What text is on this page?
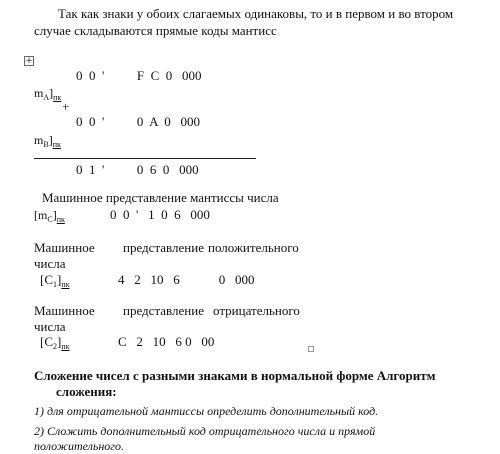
Так как знаки у обоих слагаемых одинаковы, то и в первом и во втором
случае складываются прямые коды мантисс
+
0  0  '          F  C  0   000
$m_A]_{пк}$
+
0  0  '          0  A  0   000
$m_B]_{пк}$
0  1  '          0  6  0   000
Машинное представление мантиссы числа
$[m_C]_{пк}$	0  0  '   1  0  6   000
Машинное представление положительного
числа
$[C_1]_{пк}$	4   2   10   6            0   000
Машинное представление отрицательного
числа
$[C_2]_{пк}$	C   2   10   6 0   00
Сложение чисел с разными знаками в нормальной форме Алгоритм
сложения:
1) для отрицательной мантиссы определить дополнительный код.
2) Сложить дополнительный код отрицательного числа и прямой
положительного.
